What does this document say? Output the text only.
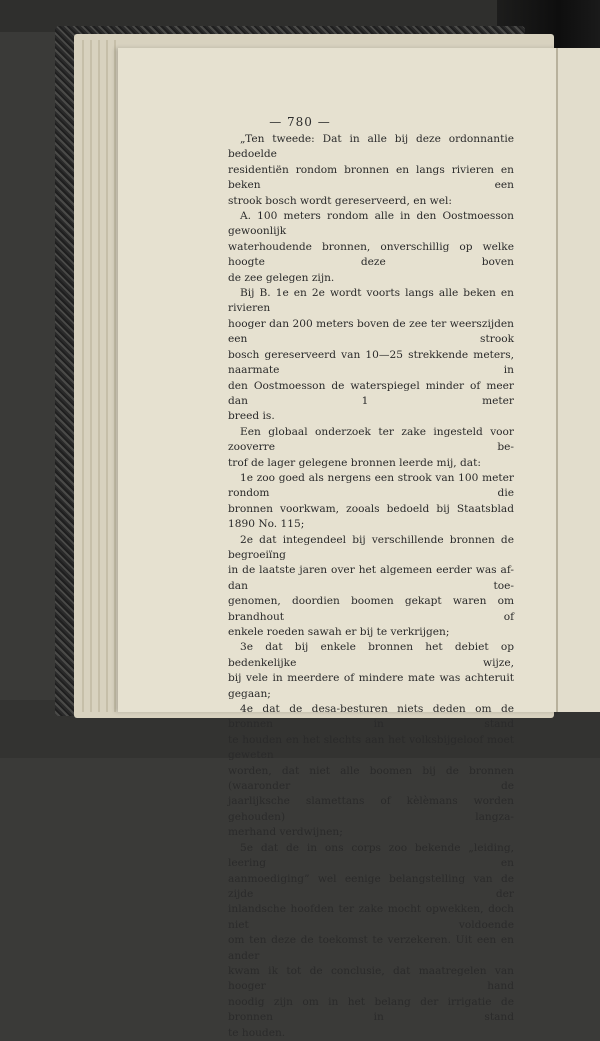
— 780 —

„Ten tweede: Dat in alle bij deze ordonnantie bedoelde

residentiën rondom bronnen en langs rivieren en beken een

strook bosch wordt gereserveerd, en wel:

A. 100 meters rondom alle in den Oostmoesson gewoonlijk

waterhoudende bronnen, onverschillig op welke hoogte deze boven

de zee gelegen zijn.

Bij B. 1e en 2e wordt voorts langs alle beken en rivieren

hooger dan 200 meters boven de zee ter weerszijden een strook

bosch gereserveerd van 10—25 strekkende meters, naarmate in

den Oostmoesson de waterspiegel minder of meer dan 1 meter

breed is.

Een globaal onderzoek ter zake ingesteld voor zooverre be-

trof de lager gelegene bronnen leerde mij, dat:

1e zoo goed als nergens een strook van 100 meter rondom die

bronnen voorkwam, zooals bedoeld bij Staatsblad 1890 No. 115;

2e dat integendeel bij verschillende bronnen de begroeiïng

in de laatste jaren over het algemeen eerder was af- dan toe-

genomen, doordien boomen gekapt waren om brandhout of

enkele roeden sawah er bij te verkrijgen;

3e dat bij enkele bronnen het debiet op bedenkelijke wijze,

bij vele in meerdere of mindere mate was achteruit gegaan;

4e dat de desa-besturen niets deden om de bronnen in stand

te houden en het slechts aan het volksbijgeloof moet geweten

worden, dat niet alle boomen bij de bronnen (waaronder de

jaarlijksche slamettans of kèlèmans worden gehouden) langza-

merhand verdwijnen;

5e dat de in ons corps zoo bekende „leiding, leering en

aanmoediging” wel eenige belangstelling van de zijde der

inlandsche hoofden ter zake mocht opwekken, doch niet voldoende

om ten deze de toekomst te verzekeren. Uit een en ander

kwam ik tot de conclusie, dat maatregelen van hooger hand

noodig zijn om in het belang der irrigatie de bronnen in stand

te houden.
